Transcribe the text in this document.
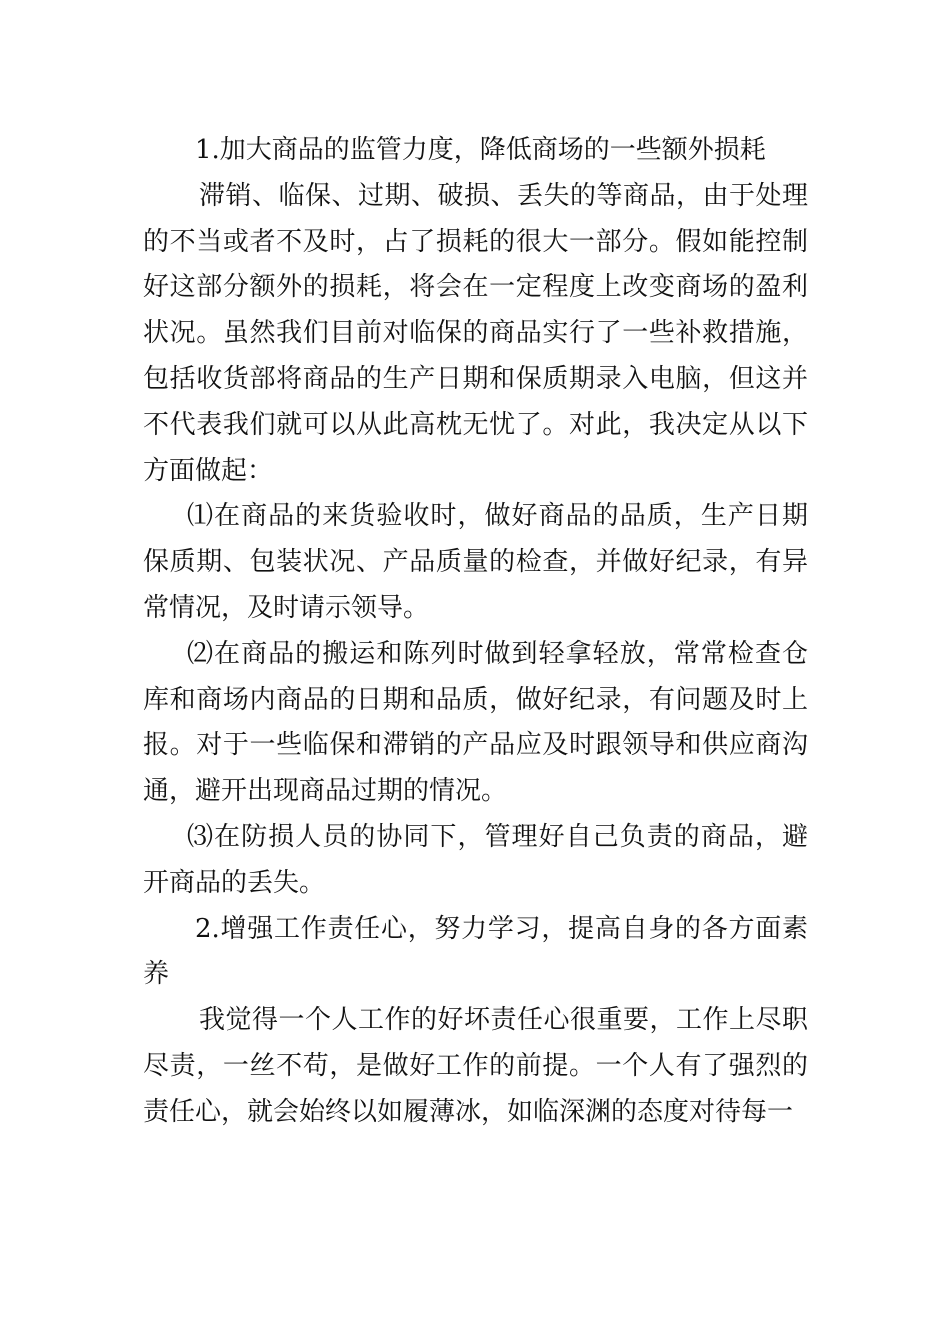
1.加大商品的监管力度，降低商场的一些额外损耗

滞销、临保、过期、破损、丢失的等商品，由于处理的不当或者不及时，占了损耗的很大一部分。假如能控制好这部分额外的损耗，将会在一定程度上改变商场的盈利状况。虽然我们目前对临保的商品实行了一些补救措施，包括收货部将商品的生产日期和保质期录入电脑，但这并不代表我们就可以从此高枕无忧了。对此，我决定从以下方面做起：

⑴在商品的来货验收时，做好商品的品质，生产日期保质期、包装状况、产品质量的检查，并做好纪录，有异常情况，及时请示领导。

⑵在商品的搬运和陈列时做到轻拿轻放，常常检查仓库和商场内商品的日期和品质，做好纪录，有问题及时上报。对于一些临保和滞销的产品应及时跟领导和供应商沟通，避开出现商品过期的情况。

⑶在防损人员的协同下，管理好自己负责的商品，避开商品的丢失。

2.增强工作责任心，努力学习，提高自身的各方面素养

我觉得一个人工作的好坏责任心很重要，工作上尽职尽责，一丝不苟，是做好工作的前提。一个人有了强烈的责任心，就会始终以如履薄冰，如临深渊的态度对待每一
